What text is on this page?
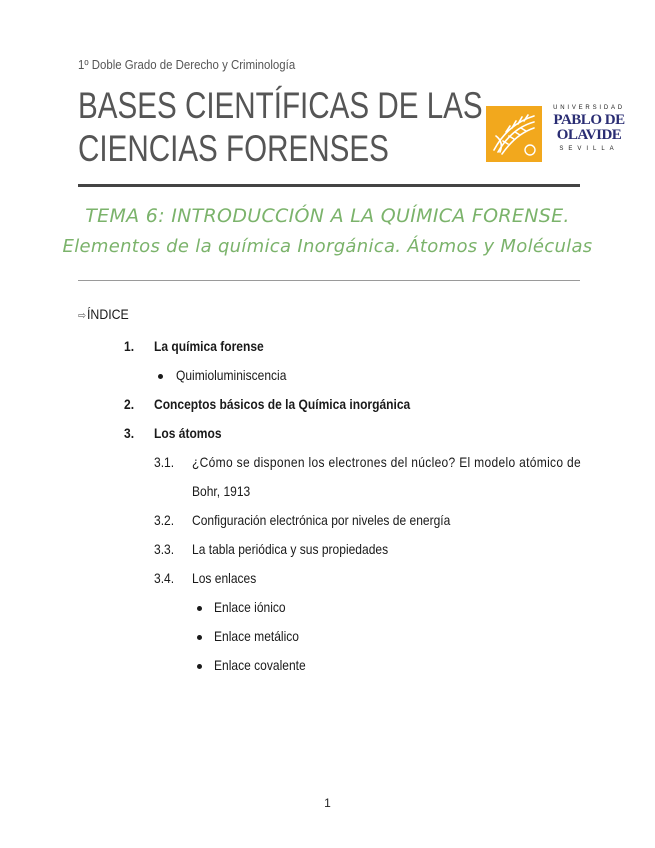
1º Doble Grado de Derecho y Criminología
BASES CIENTÍFICAS DE LAS
CIENCIAS FORENSES
UNIVERSIDAD
PABLO DE
OLAVIDE
SEVILLA
TEMA 6: INTRODUCCIÓN A LA QUÍMICA FORENSE.
Elementos de la química Inorgánica. Átomos y Moléculas
⇨ÍNDICE
1. La química forense
Quimioluminiscencia
2. Conceptos básicos de la Química inorgánica
3. Los átomos
3.1. ¿Cómo se disponen los electrones del núcleo? El modelo atómico de
Bohr, 1913
3.2. Configuración electrónica por niveles de energía
3.3. La tabla periódica y sus propiedades
3.4. Los enlaces
Enlace iónico
Enlace metálico
Enlace covalente
1
